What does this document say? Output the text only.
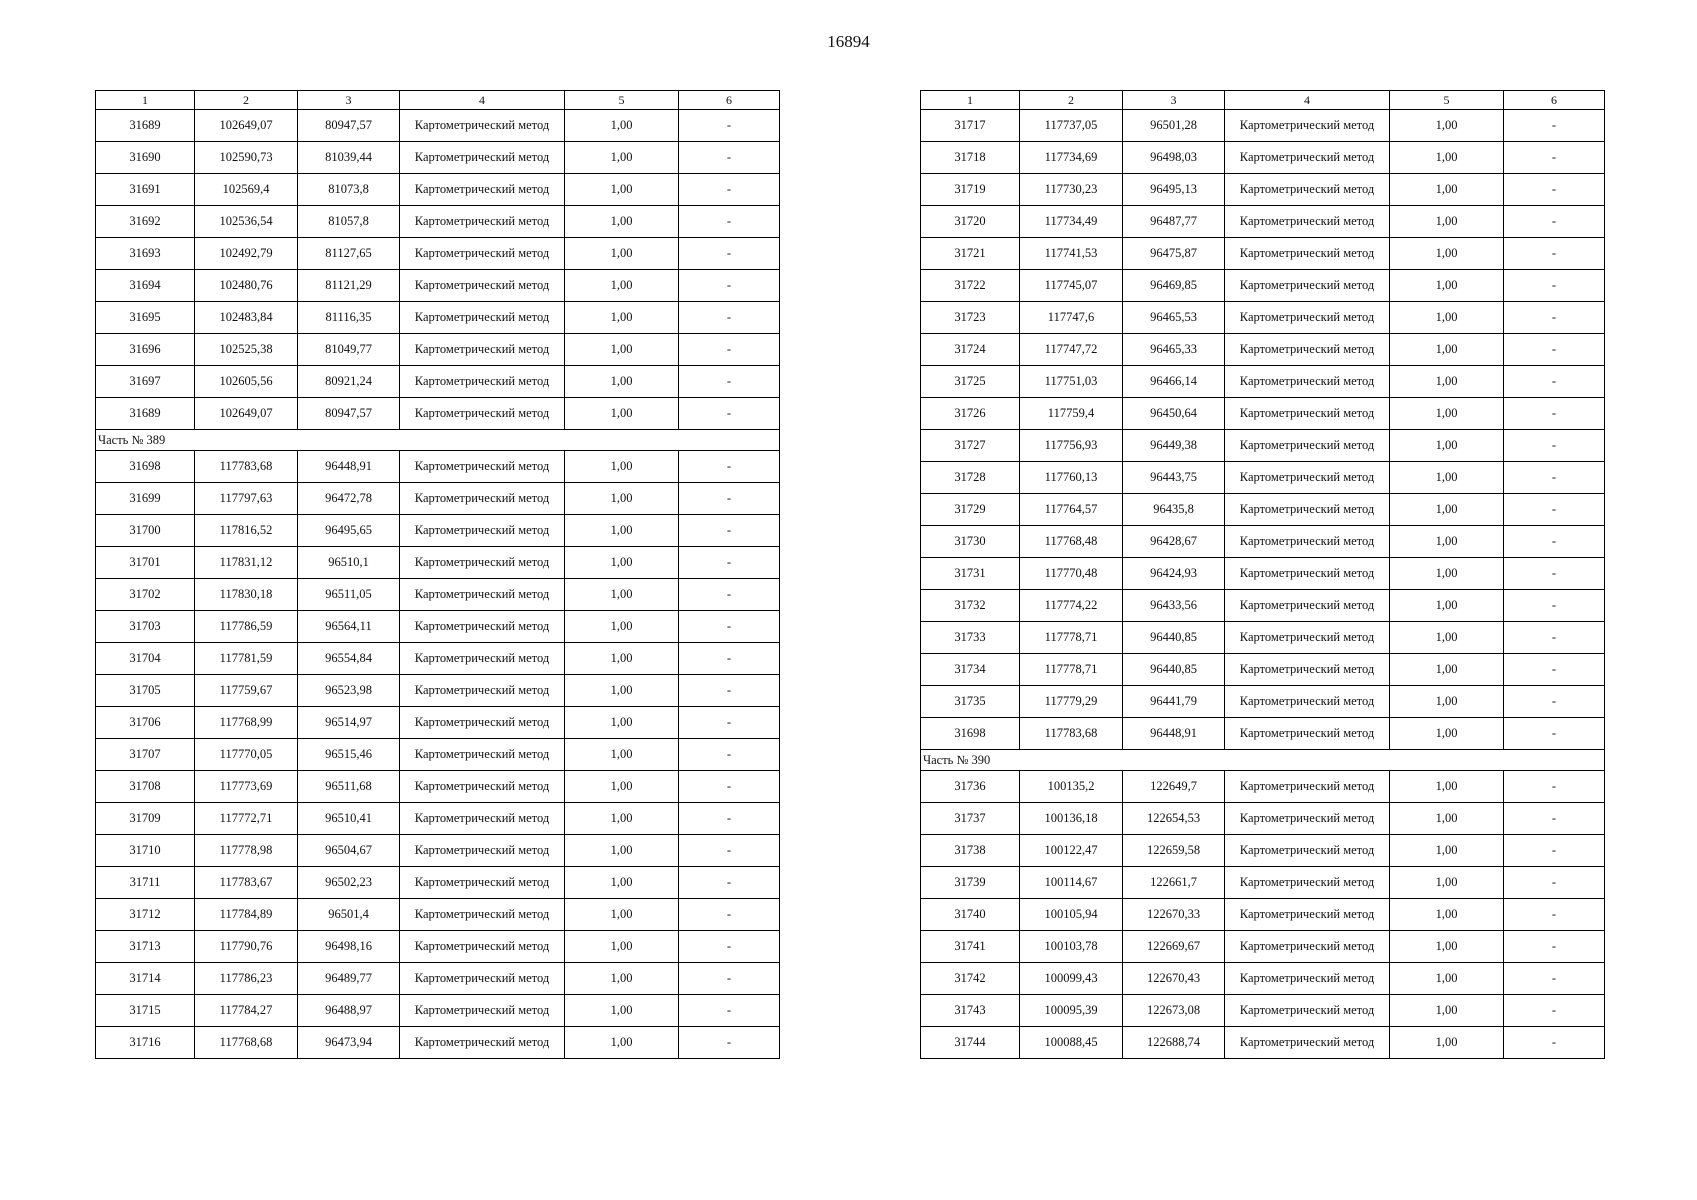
16894
1	2	3	4	5	6
31689	102649,07	80947,57	Картометрический метод	1,00	-
31690	102590,73	81039,44	Картометрический метод	1,00	-
31691	102569,4	81073,8	Картометрический метод	1,00	-
31692	102536,54	81057,8	Картометрический метод	1,00	-
31693	102492,79	81127,65	Картометрический метод	1,00	-
31694	102480,76	81121,29	Картометрический метод	1,00	-
31695	102483,84	81116,35	Картометрический метод	1,00	-
31696	102525,38	81049,77	Картометрический метод	1,00	-
31697	102605,56	80921,24	Картометрический метод	1,00	-
31689	102649,07	80947,57	Картометрический метод	1,00	-
Часть № 389					
31698	117783,68	96448,91	Картометрический метод	1,00	-
31699	117797,63	96472,78	Картометрический метод	1,00	-
31700	117816,52	96495,65	Картометрический метод	1,00	-
31701	117831,12	96510,1	Картометрический метод	1,00	-
31702	117830,18	96511,05	Картометрический метод	1,00	-
31703	117786,59	96564,11	Картометрический метод	1,00	-
31704	117781,59	96554,84	Картометрический метод	1,00	-
31705	117759,67	96523,98	Картометрический метод	1,00	-
31706	117768,99	96514,97	Картометрический метод	1,00	-
31707	117770,05	96515,46	Картометрический метод	1,00	-
31708	117773,69	96511,68	Картометрический метод	1,00	-
31709	117772,71	96510,41	Картометрический метод	1,00	-
31710	117778,98	96504,67	Картометрический метод	1,00	-
31711	117783,67	96502,23	Картометрический метод	1,00	-
31712	117784,89	96501,4	Картометрический метод	1,00	-
31713	117790,76	96498,16	Картометрический метод	1,00	-
31714	117786,23	96489,77	Картометрический метод	1,00	-
31715	117784,27	96488,97	Картометрический метод	1,00	-
31716	117768,68	96473,94	Картометрический метод	1,00	-
1	2	3	4	5	6
31717	117737,05	96501,28	Картометрический метод	1,00	-
31718	117734,69	96498,03	Картометрический метод	1,00	-
31719	117730,23	96495,13	Картометрический метод	1,00	-
31720	117734,49	96487,77	Картометрический метод	1,00	-
31721	117741,53	96475,87	Картометрический метод	1,00	-
31722	117745,07	96469,85	Картометрический метод	1,00	-
31723	117747,6	96465,53	Картометрический метод	1,00	-
31724	117747,72	96465,33	Картометрический метод	1,00	-
31725	117751,03	96466,14	Картометрический метод	1,00	-
31726	117759,4	96450,64	Картометрический метод	1,00	-
31727	117756,93	96449,38	Картометрический метод	1,00	-
31728	117760,13	96443,75	Картометрический метод	1,00	-
31729	117764,57	96435,8	Картометрический метод	1,00	-
31730	117768,48	96428,67	Картометрический метод	1,00	-
31731	117770,48	96424,93	Картометрический метод	1,00	-
31732	117774,22	96433,56	Картометрический метод	1,00	-
31733	117778,71	96440,85	Картометрический метод	1,00	-
31734	117778,71	96440,85	Картометрический метод	1,00	-
31735	117779,29	96441,79	Картометрический метод	1,00	-
31698	117783,68	96448,91	Картометрический метод	1,00	-
Часть № 390					
31736	100135,2	122649,7	Картометрический метод	1,00	-
31737	100136,18	122654,53	Картометрический метод	1,00	-
31738	100122,47	122659,58	Картометрический метод	1,00	-
31739	100114,67	122661,7	Картометрический метод	1,00	-
31740	100105,94	122670,33	Картометрический метод	1,00	-
31741	100103,78	122669,67	Картометрический метод	1,00	-
31742	100099,43	122670,43	Картометрический метод	1,00	-
31743	100095,39	122673,08	Картометрический метод	1,00	-
31744	100088,45	122688,74	Картометрический метод	1,00	-
